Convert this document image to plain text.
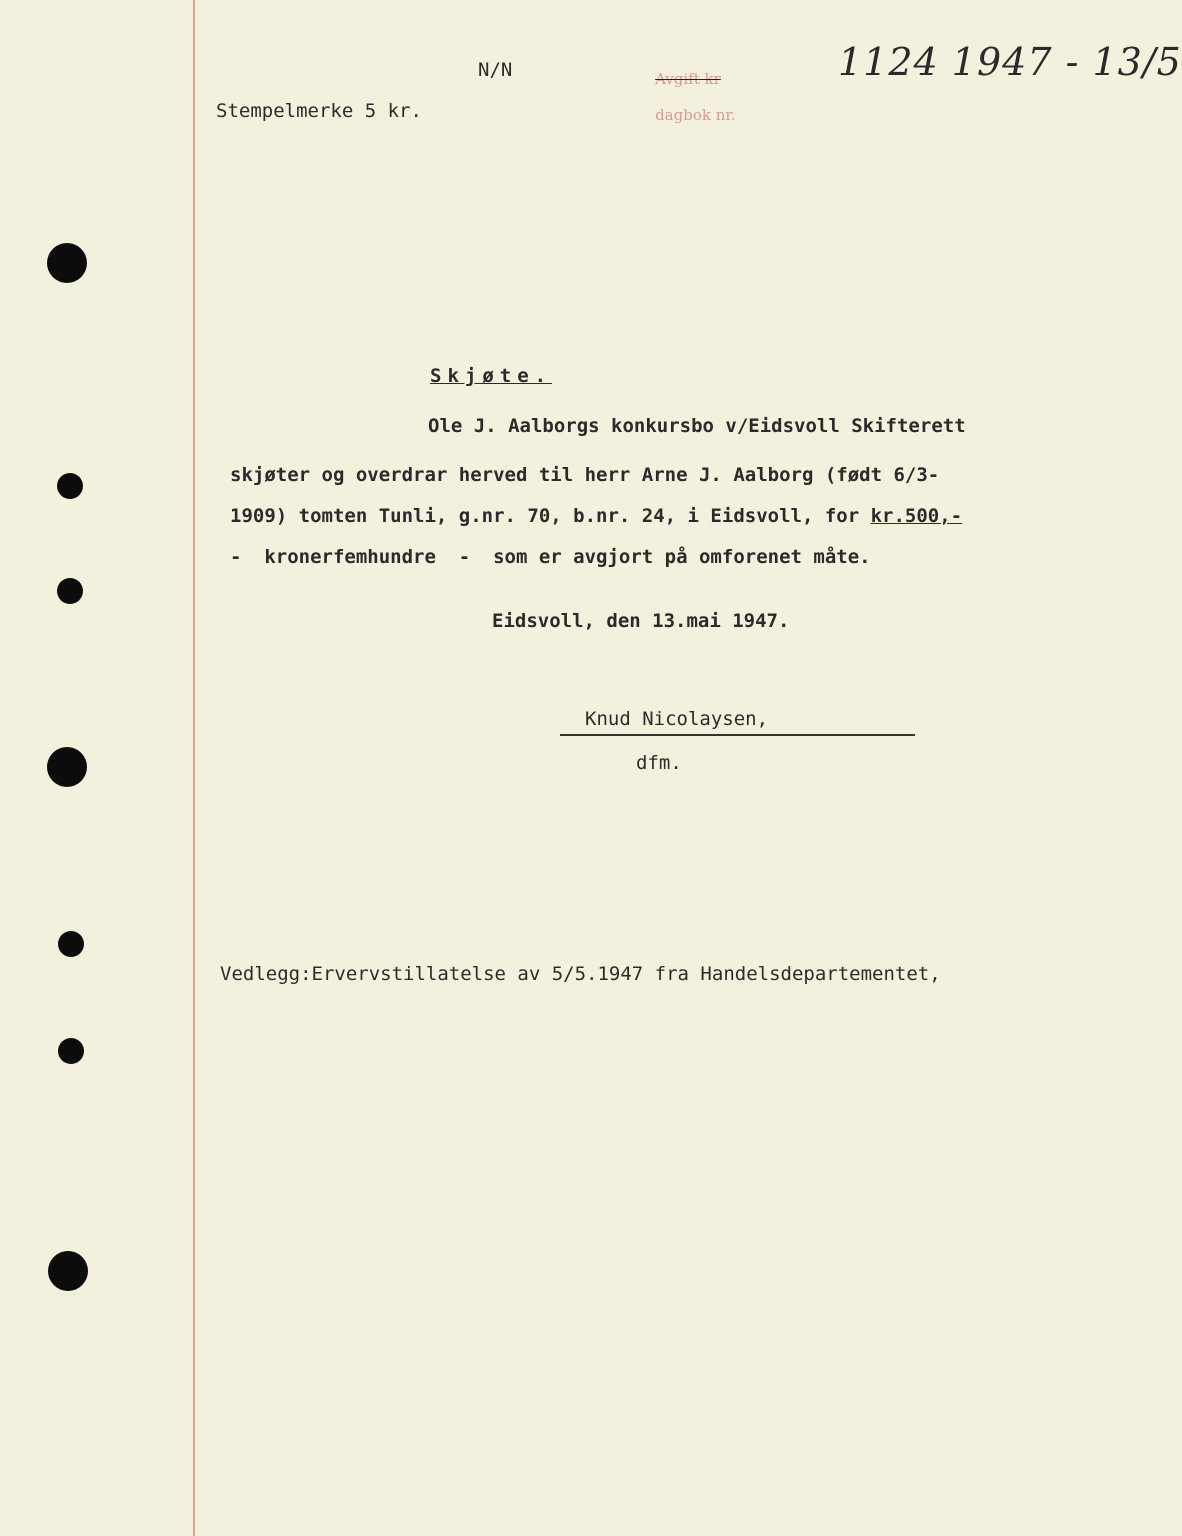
N/N	Avgift kr

dagbok nr.

1124 1947 - 13/5
Stempelmerke 5 kr.
Skjøte.
Ole J. Aalborgs konkursbo v/Eidsvoll Skifterett
skjøter og overdrar herved til herr Arne J. Aalborg (født 6/3-
1909) tomten Tunli, g.nr. 70, b.nr. 24, i Eidsvoll, for kr.500,-
-  kronerfemhundre  -  som er avgjort på omforenet måte.
Eidsvoll, den 13.mai 1947.
Knud Nicolaysen,
dfm.
Vedlegg:Ervervstillatelse av 5/5.1947 fra Handelsdepartementet,
